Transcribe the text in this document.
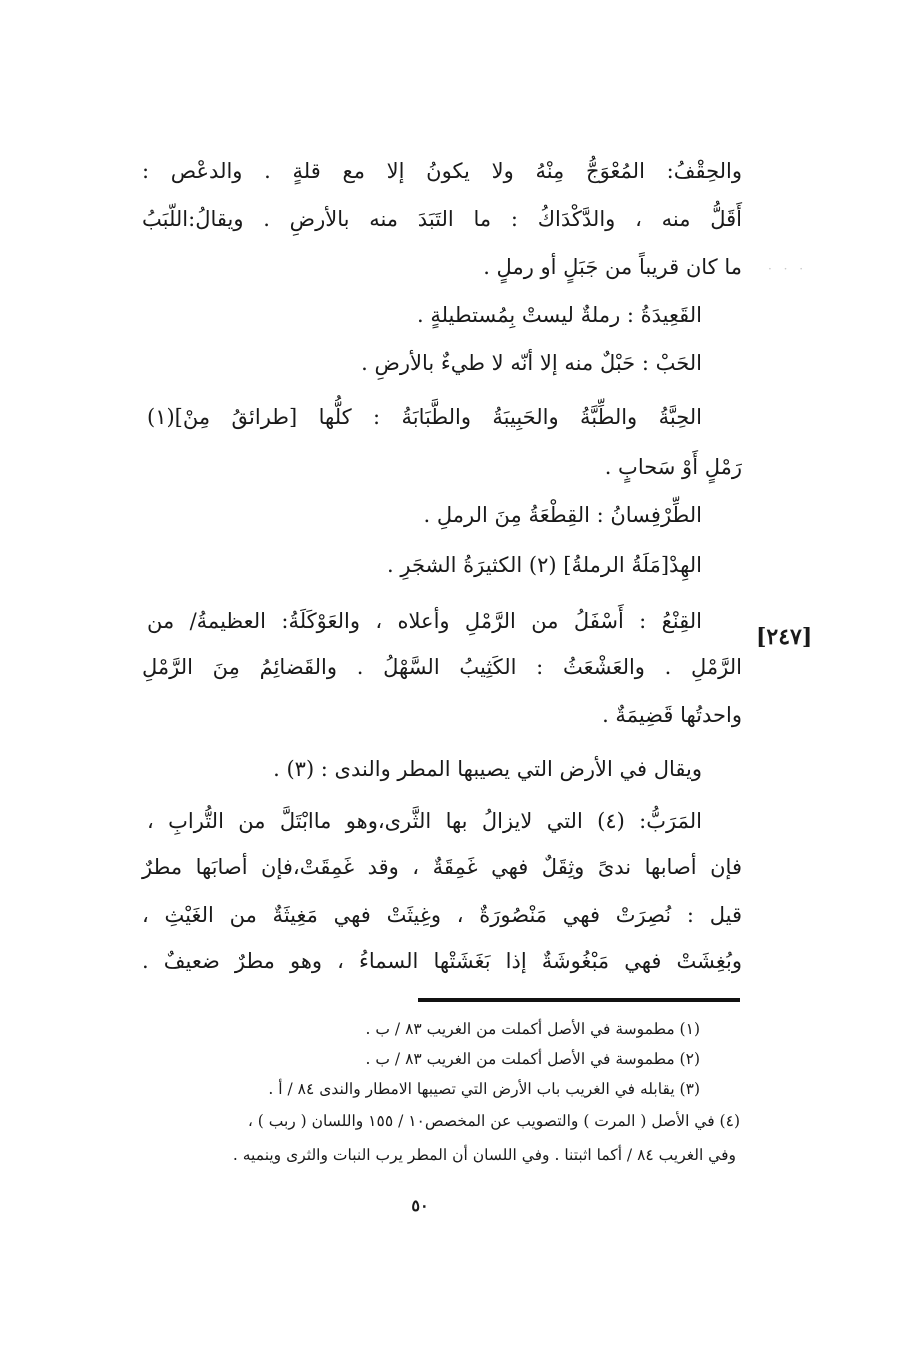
· · ·
والحِقْفُ: المُعْوَجُّ مِنْهُ ولا يكونُ إلا مع قلةٍ . والدعْص :
أَقَلُّ منه ، والدَّكْدَاكُ : ما التَبَدَ منه بالأرضِ . ويقالُ:اللّبَبُ
ما كان قريباً من جَبَلٍ أو رملٍ .
القَعِيدَةُ : رملةٌ ليستْ بِمُستطيلةٍ .
الحَبْ : حَبْلٌ منه إلا أنّه لا طيءٌ بالأرضِ .
الحِبَّةُ والطِّبَّةُ والحَبِيبَةُ والطَّبَابَةُ : كلُّها [طرائقُ مِنْ](١)
رَمْلٍ أَوْ سَحابٍ .
الطِّرْفِسانُ : القِطْعَةُ مِنَ الرملِ .
الهِدْ[مَلَةُ الرملةُ] (٢) الكثيرَةُ الشجَرِ .
القِنْعُ : أَسْفَلُ من الرَّمْلِ وأعلاه ، والعَوْكَلَةُ: العظيمةُ/ من
الرَّمْلِ . والعَشْعَثُ : الكَثِيبُ السَّهْلُ . والقَضائِمُ مِنَ الرَّمْلِ
واحدتُها قَضِيمَةٌ .
ويقال في الأرض التي يصيبها المطر والندى : (٣) .
المَرَبُّ: (٤) التي لايزالُ بها الثَّرى،وهو ماابْتَلَّ من التُّرابِ ،
فإن أصابها ندىً وثِقَلٌ فهي غَمِقَةٌ ، وقد غَمِقَتْ،فإن أصابَها مطرٌ
قيل : نُصِرَتْ فهي مَنْصُورَةٌ ، وغِيثَتْ فهي مَغِيثَةٌ من الغَيْثِ ،
وبُغِشَتْ فهي مَبْغُوشَةٌ إذا بَغَشَتْها السماءُ ، وهو مطرٌ ضعيفٌ .
[٢٤٧]
(١) مطموسة في الأصل أكملت من الغريب ٨٣ / ب .
(٢) مطموسة في الأصل أكملت من الغريب ٨٣ / ب .
(٣) يقابله في الغريب باب الأرض التي تصيبها الامطار والندى ٨٤ / أ .
(٤) في الأصل ( المرت ) والتصويب عن المخصص١٠ / ١٥٥ واللسان ( ربب ) ،
وفي الغريب ٨٤ / أكما اثبتنا . وفي اللسان أن المطر يرب النبات والثرى وينميه .
٥٠
